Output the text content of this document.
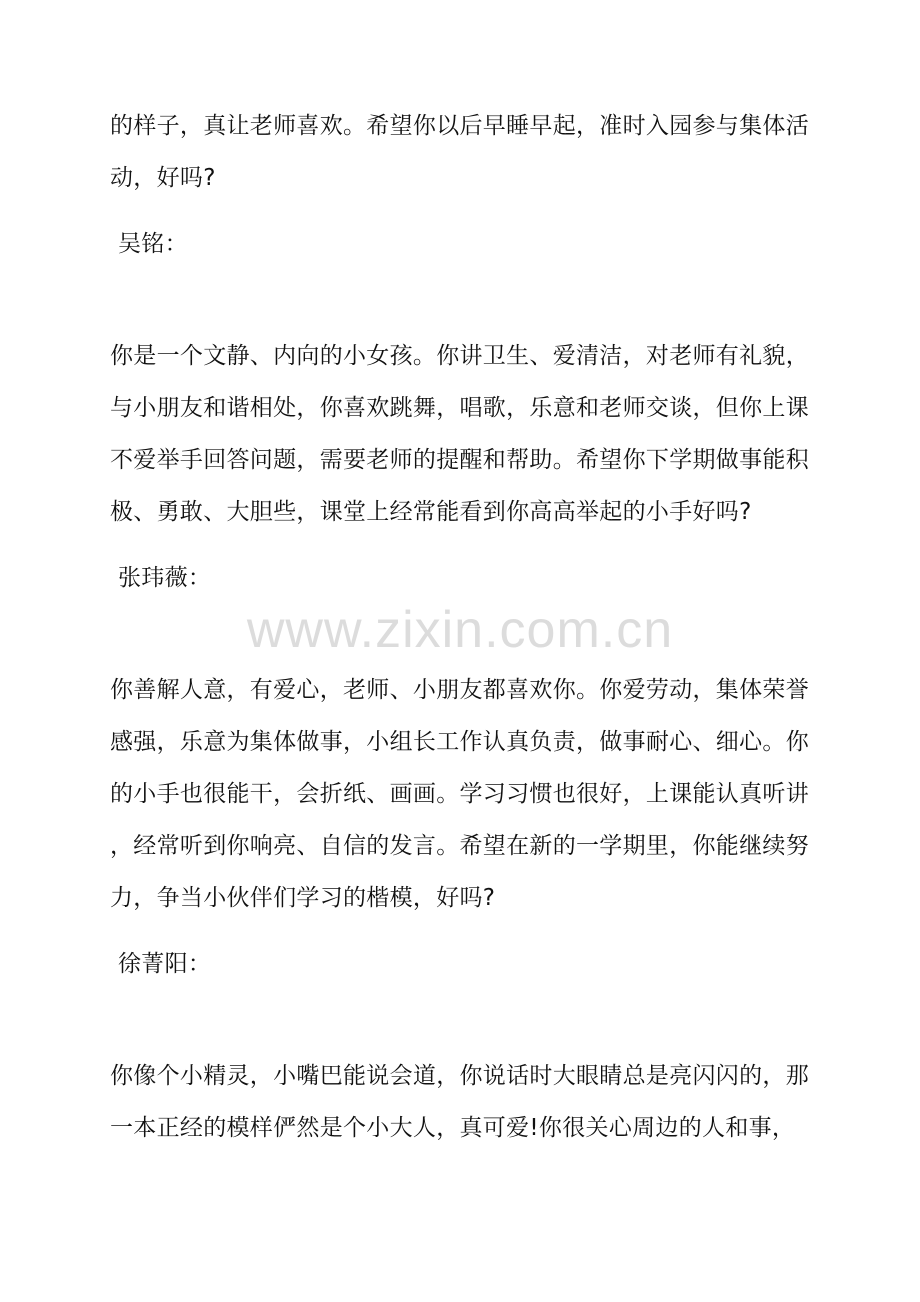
的样子，真让老师喜欢。希望你以后早睡早起，准时入园参与集体活
动，好吗?

吴铭：

你是一个文静、内向的小女孩。你讲卫生、爱清洁，对老师有礼貌，
与小朋友和谐相处，你喜欢跳舞，唱歌，乐意和老师交谈，但你上课
不爱举手回答问题，需要老师的提醒和帮助。希望你下学期做事能积
极、勇敢、大胆些，课堂上经常能看到你高高举起的小手好吗?

张玮薇：

www.zixin.com.cn

你善解人意，有爱心，老师、小朋友都喜欢你。你爱劳动，集体荣誉
感强，乐意为集体做事，小组长工作认真负责，做事耐心、细心。你
的小手也很能干，会折纸、画画。学习习惯也很好，上课能认真听讲
，经常听到你响亮、自信的发言。希望在新的一学期里，你能继续努
力，争当小伙伴们学习的楷模，好吗?

徐菁阳：

你像个小精灵，小嘴巴能说会道，你说话时大眼睛总是亮闪闪的，那
一本正经的模样俨然是个小大人，真可爱!你很关心周边的人和事，
